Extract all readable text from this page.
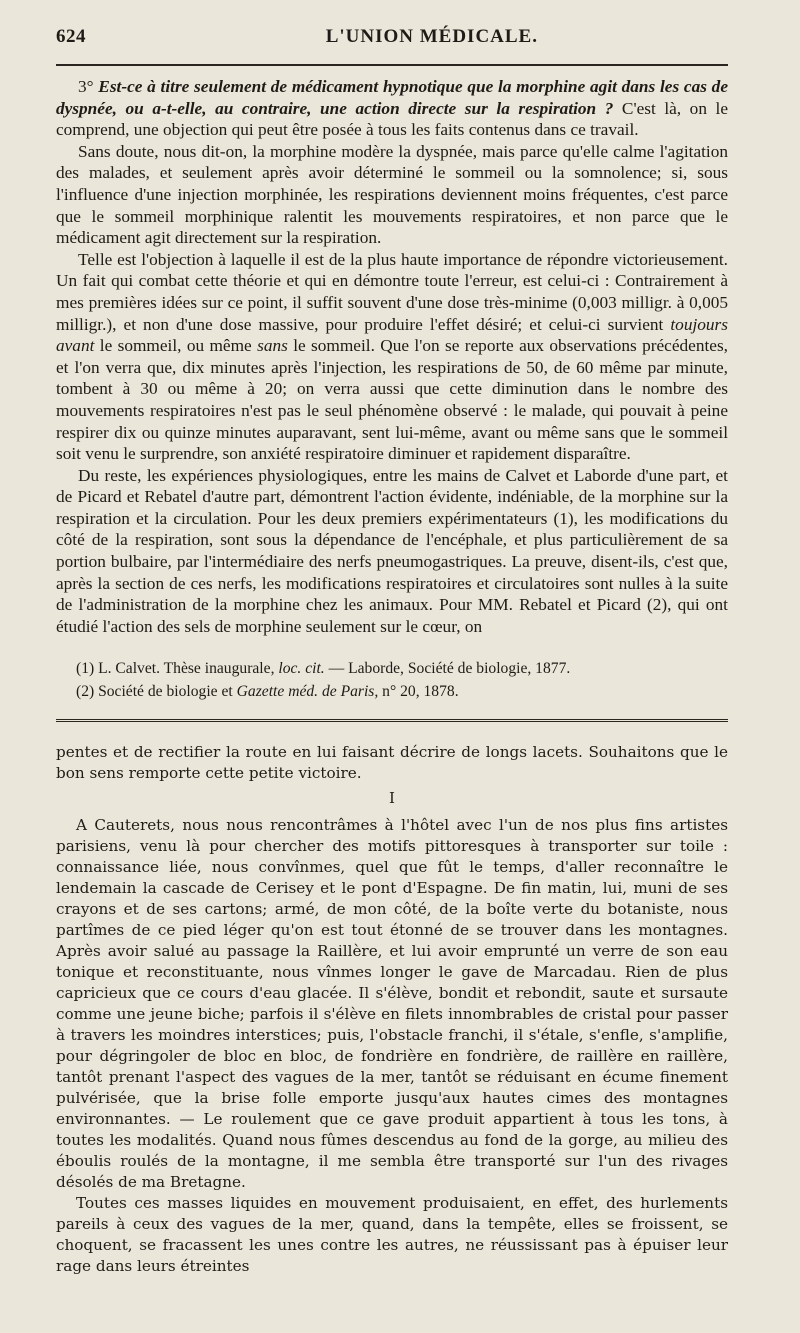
624	L'UNION MÉDICALE.

3° Est-ce à titre seulement de médicament hypnotique que la morphine agit dans les cas de dyspnée, ou a-t-elle, au contraire, une action directe sur la respiration ? C'est là, on le comprend, une objection qui peut être posée à tous les faits contenus dans ce travail.

Sans doute, nous dit-on, la morphine modère la dyspnée, mais parce qu'elle calme l'agitation des malades, et seulement après avoir déterminé le sommeil ou la somnolence; si, sous l'influence d'une injection morphinée, les respirations deviennent moins fréquentes, c'est parce que le sommeil morphinique ralentit les mouvements respiratoires, et non parce que le médicament agit directement sur la respiration.

Telle est l'objection à laquelle il est de la plus haute importance de répondre victorieusement. Un fait qui combat cette théorie et qui en démontre toute l'erreur, est celui-ci : Contrairement à mes premières idées sur ce point, il suffit souvent d'une dose très-minime (0,003 milligr. à 0,005 milligr.), et non d'une dose massive, pour produire l'effet désiré; et celui-ci survient toujours avant le sommeil, ou même sans le sommeil. Que l'on se reporte aux observations précédentes, et l'on verra que, dix minutes après l'injection, les respirations de 50, de 60 même par minute, tombent à 30 ou même à 20; on verra aussi que cette diminution dans le nombre des mouvements respiratoires n'est pas le seul phénomène observé : le malade, qui pouvait à peine respirer dix ou quinze minutes auparavant, sent lui-même, avant ou même sans que le sommeil soit venu le surprendre, son anxiété respiratoire diminuer et rapidement disparaître.

Du reste, les expériences physiologiques, entre les mains de Calvet et Laborde d'une part, et de Picard et Rebatel d'autre part, démontrent l'action évidente, indéniable, de la morphine sur la respiration et la circulation. Pour les deux premiers expérimentateurs (1), les modifications du côté de la respiration, sont sous la dépendance de l'encéphale, et plus particulièrement de sa portion bulbaire, par l'intermédiaire des nerfs pneumogastriques. La preuve, disent-ils, c'est que, après la section de ces nerfs, les modifications respiratoires et circulatoires sont nulles à la suite de l'administration de la morphine chez les animaux. Pour MM. Rebatel et Picard (2), qui ont étudié l'action des sels de morphine seulement sur le cœur, on

(1) L. Calvet. Thèse inaugurale, loc. cit. — Laborde, Société de biologie, 1877.
(2) Société de biologie et Gazette méd. de Paris, n° 20, 1878.

pentes et de rectifier la route en lui faisant décrire de longs lacets. Souhaitons que le bon sens remporte cette petite victoire.

I

A Cauterets, nous nous rencontrâmes à l'hôtel avec l'un de nos plus fins artistes parisiens, venu là pour chercher des motifs pittoresques à transporter sur toile : connaissance liée, nous convînmes, quel que fût le temps, d'aller reconnaître le lendemain la cascade de Cerisey et le pont d'Espagne. De fin matin, lui, muni de ses crayons et de ses cartons; armé, de mon côté, de la boîte verte du botaniste, nous partîmes de ce pied léger qu'on est tout étonné de se trouver dans les montagnes. Après avoir salué au passage la Raillère, et lui avoir emprunté un verre de son eau tonique et reconstituante, nous vînmes longer le gave de Marcadau. Rien de plus capricieux que ce cours d'eau glacée. Il s'élève, bondit et rebondit, saute et sursaute comme une jeune biche; parfois il s'élève en filets innombrables de cristal pour passer à travers les moindres interstices; puis, l'obstacle franchi, il s'étale, s'enfle, s'amplifie, pour dégringoler de bloc en bloc, de fondrière en fondrière, de raillère en raillère, tantôt prenant l'aspect des vagues de la mer, tantôt se réduisant en écume finement pulvérisée, que la brise folle emporte jusqu'aux hautes cimes des montagnes environnantes. — Le roulement que ce gave produit appartient à tous les tons, à toutes les modalités. Quand nous fûmes descendus au fond de la gorge, au milieu des éboulis roulés de la montagne, il me sembla être transporté sur l'un des rivages désolés de ma Bretagne.

Toutes ces masses liquides en mouvement produisaient, en effet, des hurlements pareils à ceux des vagues de la mer, quand, dans la tempête, elles se froissent, se choquent, se fracassent les unes contre les autres, ne réussissant pas à épuiser leur rage dans leurs étreintes
